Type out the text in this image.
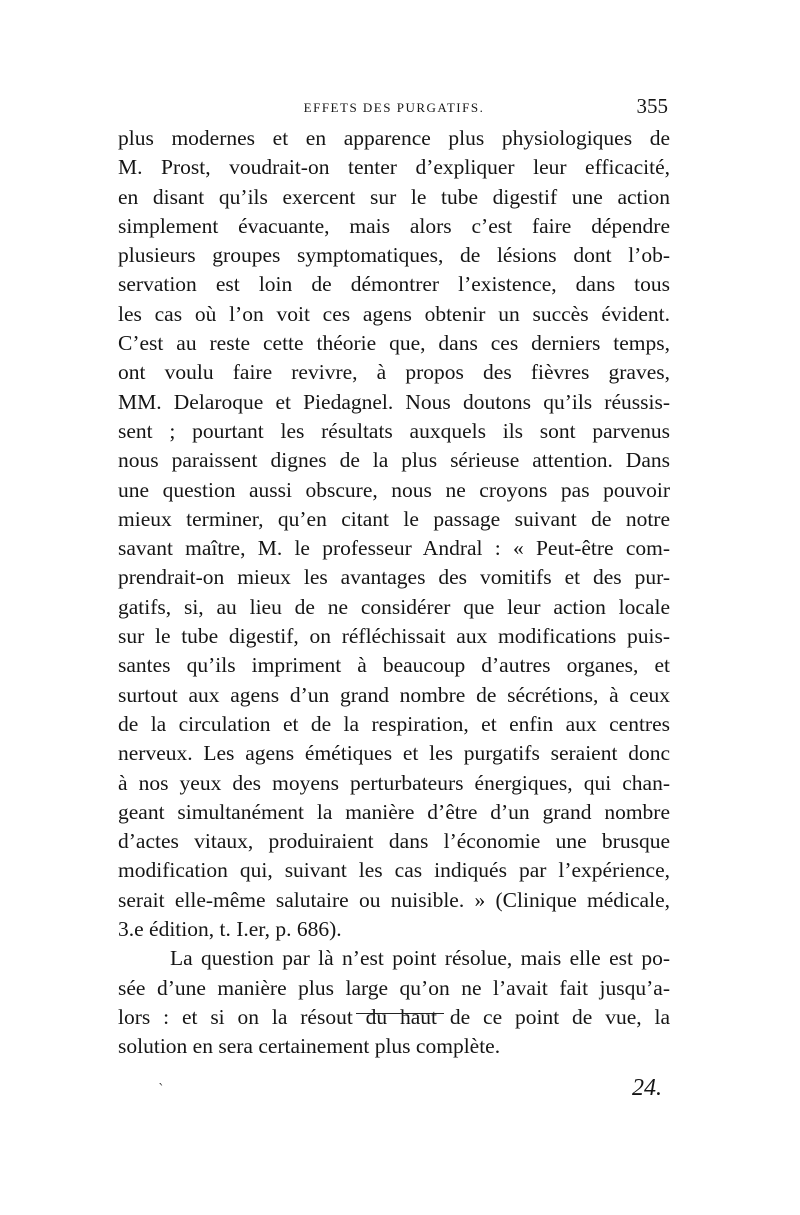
EFFETS DES PURGATIFS.	355
plus modernes et en apparence plus physiologiques de
M. Prost, voudrait-on tenter d’expliquer leur efficacité,
en disant qu’ils exercent sur le tube digestif une action
simplement évacuante, mais alors c’est faire dépendre
plusieurs groupes symptomatiques, de lésions dont l’ob-
servation est loin de démontrer l’existence, dans tous
les cas où l’on voit ces agens obtenir un succès évident.
C’est au reste cette théorie que, dans ces derniers temps,
ont voulu faire revivre, à propos des fièvres graves,
MM. Delaroque et Piedagnel. Nous doutons qu’ils réussis-
sent ; pourtant les résultats auxquels ils sont parvenus
nous paraissent dignes de la plus sérieuse attention. Dans
une question aussi obscure, nous ne croyons pas pouvoir
mieux terminer, qu’en citant le passage suivant de notre
savant maître, M. le professeur Andral : « Peut-être com-
prendrait-on mieux les avantages des vomitifs et des pur-
gatifs, si, au lieu de ne considérer que leur action locale
sur le tube digestif, on réfléchissait aux modifications puis-
santes qu’ils impriment à beaucoup d’autres organes, et
surtout aux agens d’un grand nombre de sécrétions, à ceux
de la circulation et de la respiration, et enfin aux centres
nerveux. Les agens émétiques et les purgatifs seraient donc
à nos yeux des moyens perturbateurs énergiques, qui chan-
geant simultanément la manière d’être d’un grand nombre
d’actes vitaux, produiraient dans l’économie une brusque
modification qui, suivant les cas indiqués par l’expérience,
serait elle-même salutaire ou nuisible. » (Clinique médicale,
3.e édition, t. I.er, p. 686).
La question par là n’est point résolue, mais elle est po-
sée d’une manière plus large qu’on ne l’avait fait jusqu’a-
lors : et si on la résout du haut de ce point de vue, la
solution en sera certainement plus complète.
`	24.
